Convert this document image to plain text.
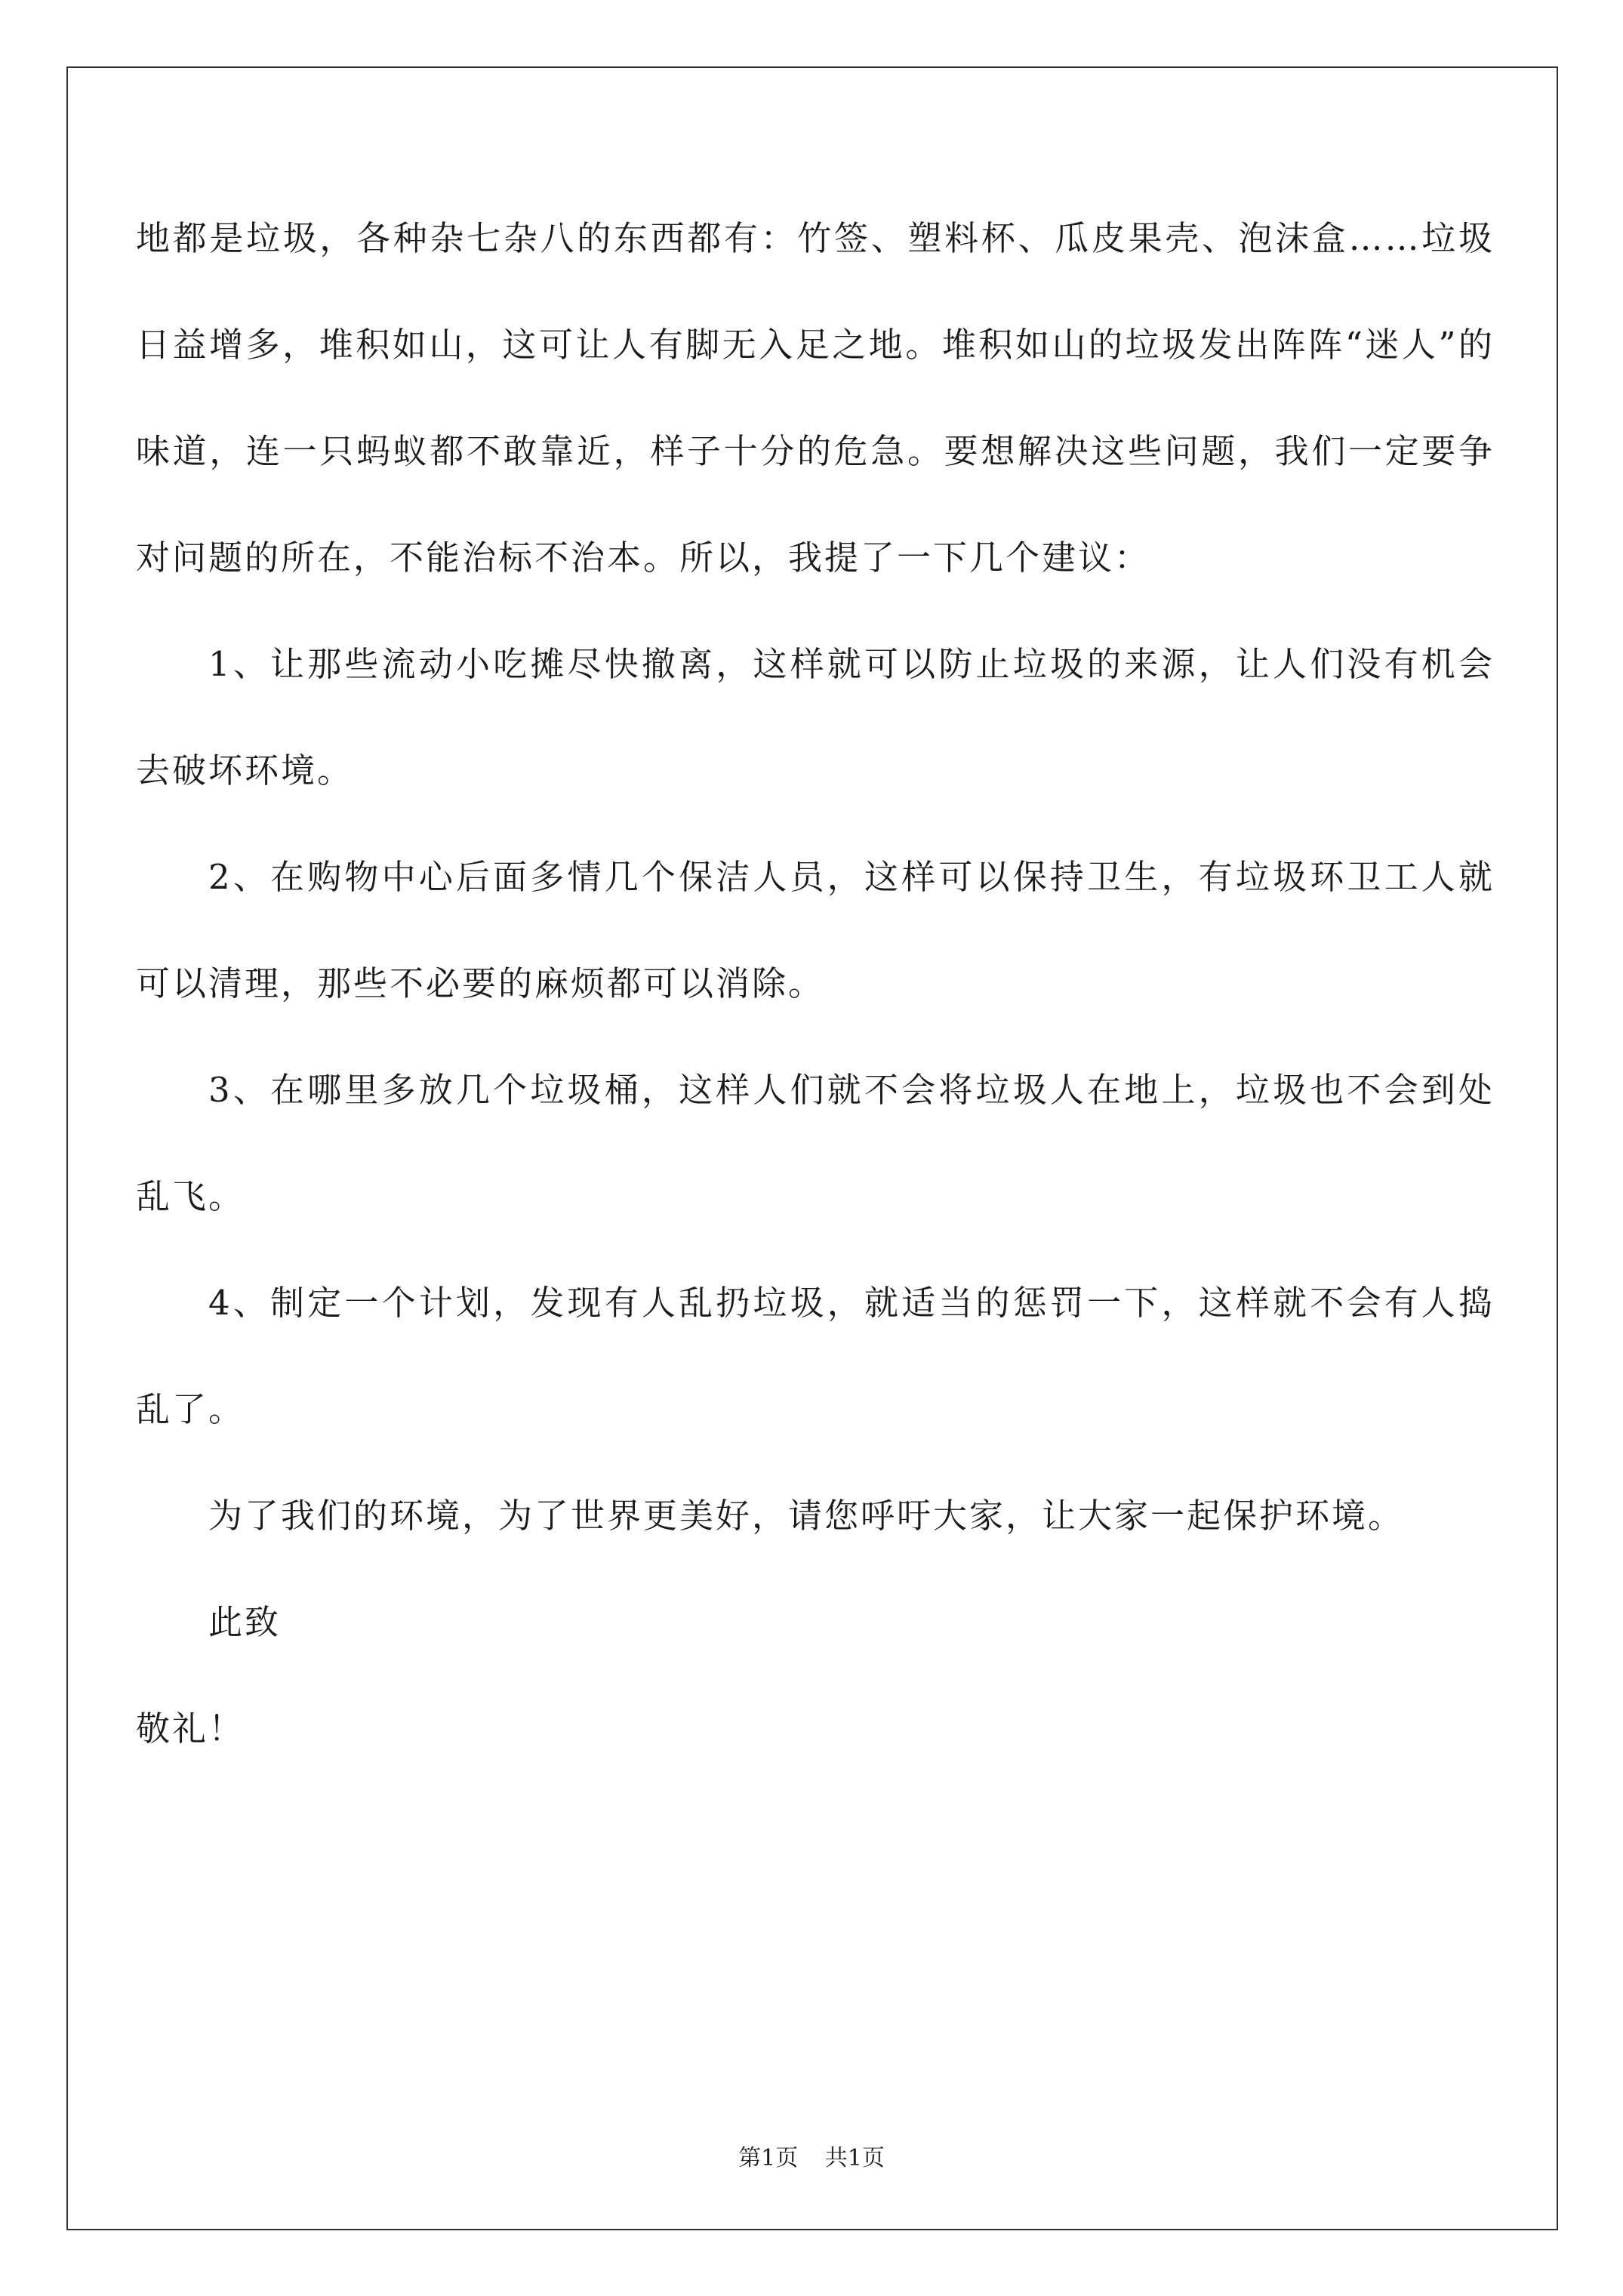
地都是垃圾，各种杂七杂八的东西都有：竹签、塑料杯、瓜皮果壳、泡沫盒……垃圾日益增多，堆积如山，这可让人有脚无入足之地。堆积如山的垃圾发出阵阵“迷人”的味道，连一只蚂蚁都不敢靠近，样子十分的危急。要想解决这些问题，我们一定要争对问题的所在，不能治标不治本。所以，我提了一下几个建议：

1、让那些流动小吃摊尽快撤离，这样就可以防止垃圾的来源，让人们没有机会去破坏环境。

2、在购物中心后面多情几个保洁人员，这样可以保持卫生，有垃圾环卫工人就可以清理，那些不必要的麻烦都可以消除。

3、在哪里多放几个垃圾桶，这样人们就不会将垃圾人在地上，垃圾也不会到处乱飞。

4、制定一个计划，发现有人乱扔垃圾，就适当的惩罚一下，这样就不会有人捣乱了。

为了我们的环境，为了世界更美好，请您呼吁大家，让大家一起保护环境。

此致

敬礼！

第1页 共1页
